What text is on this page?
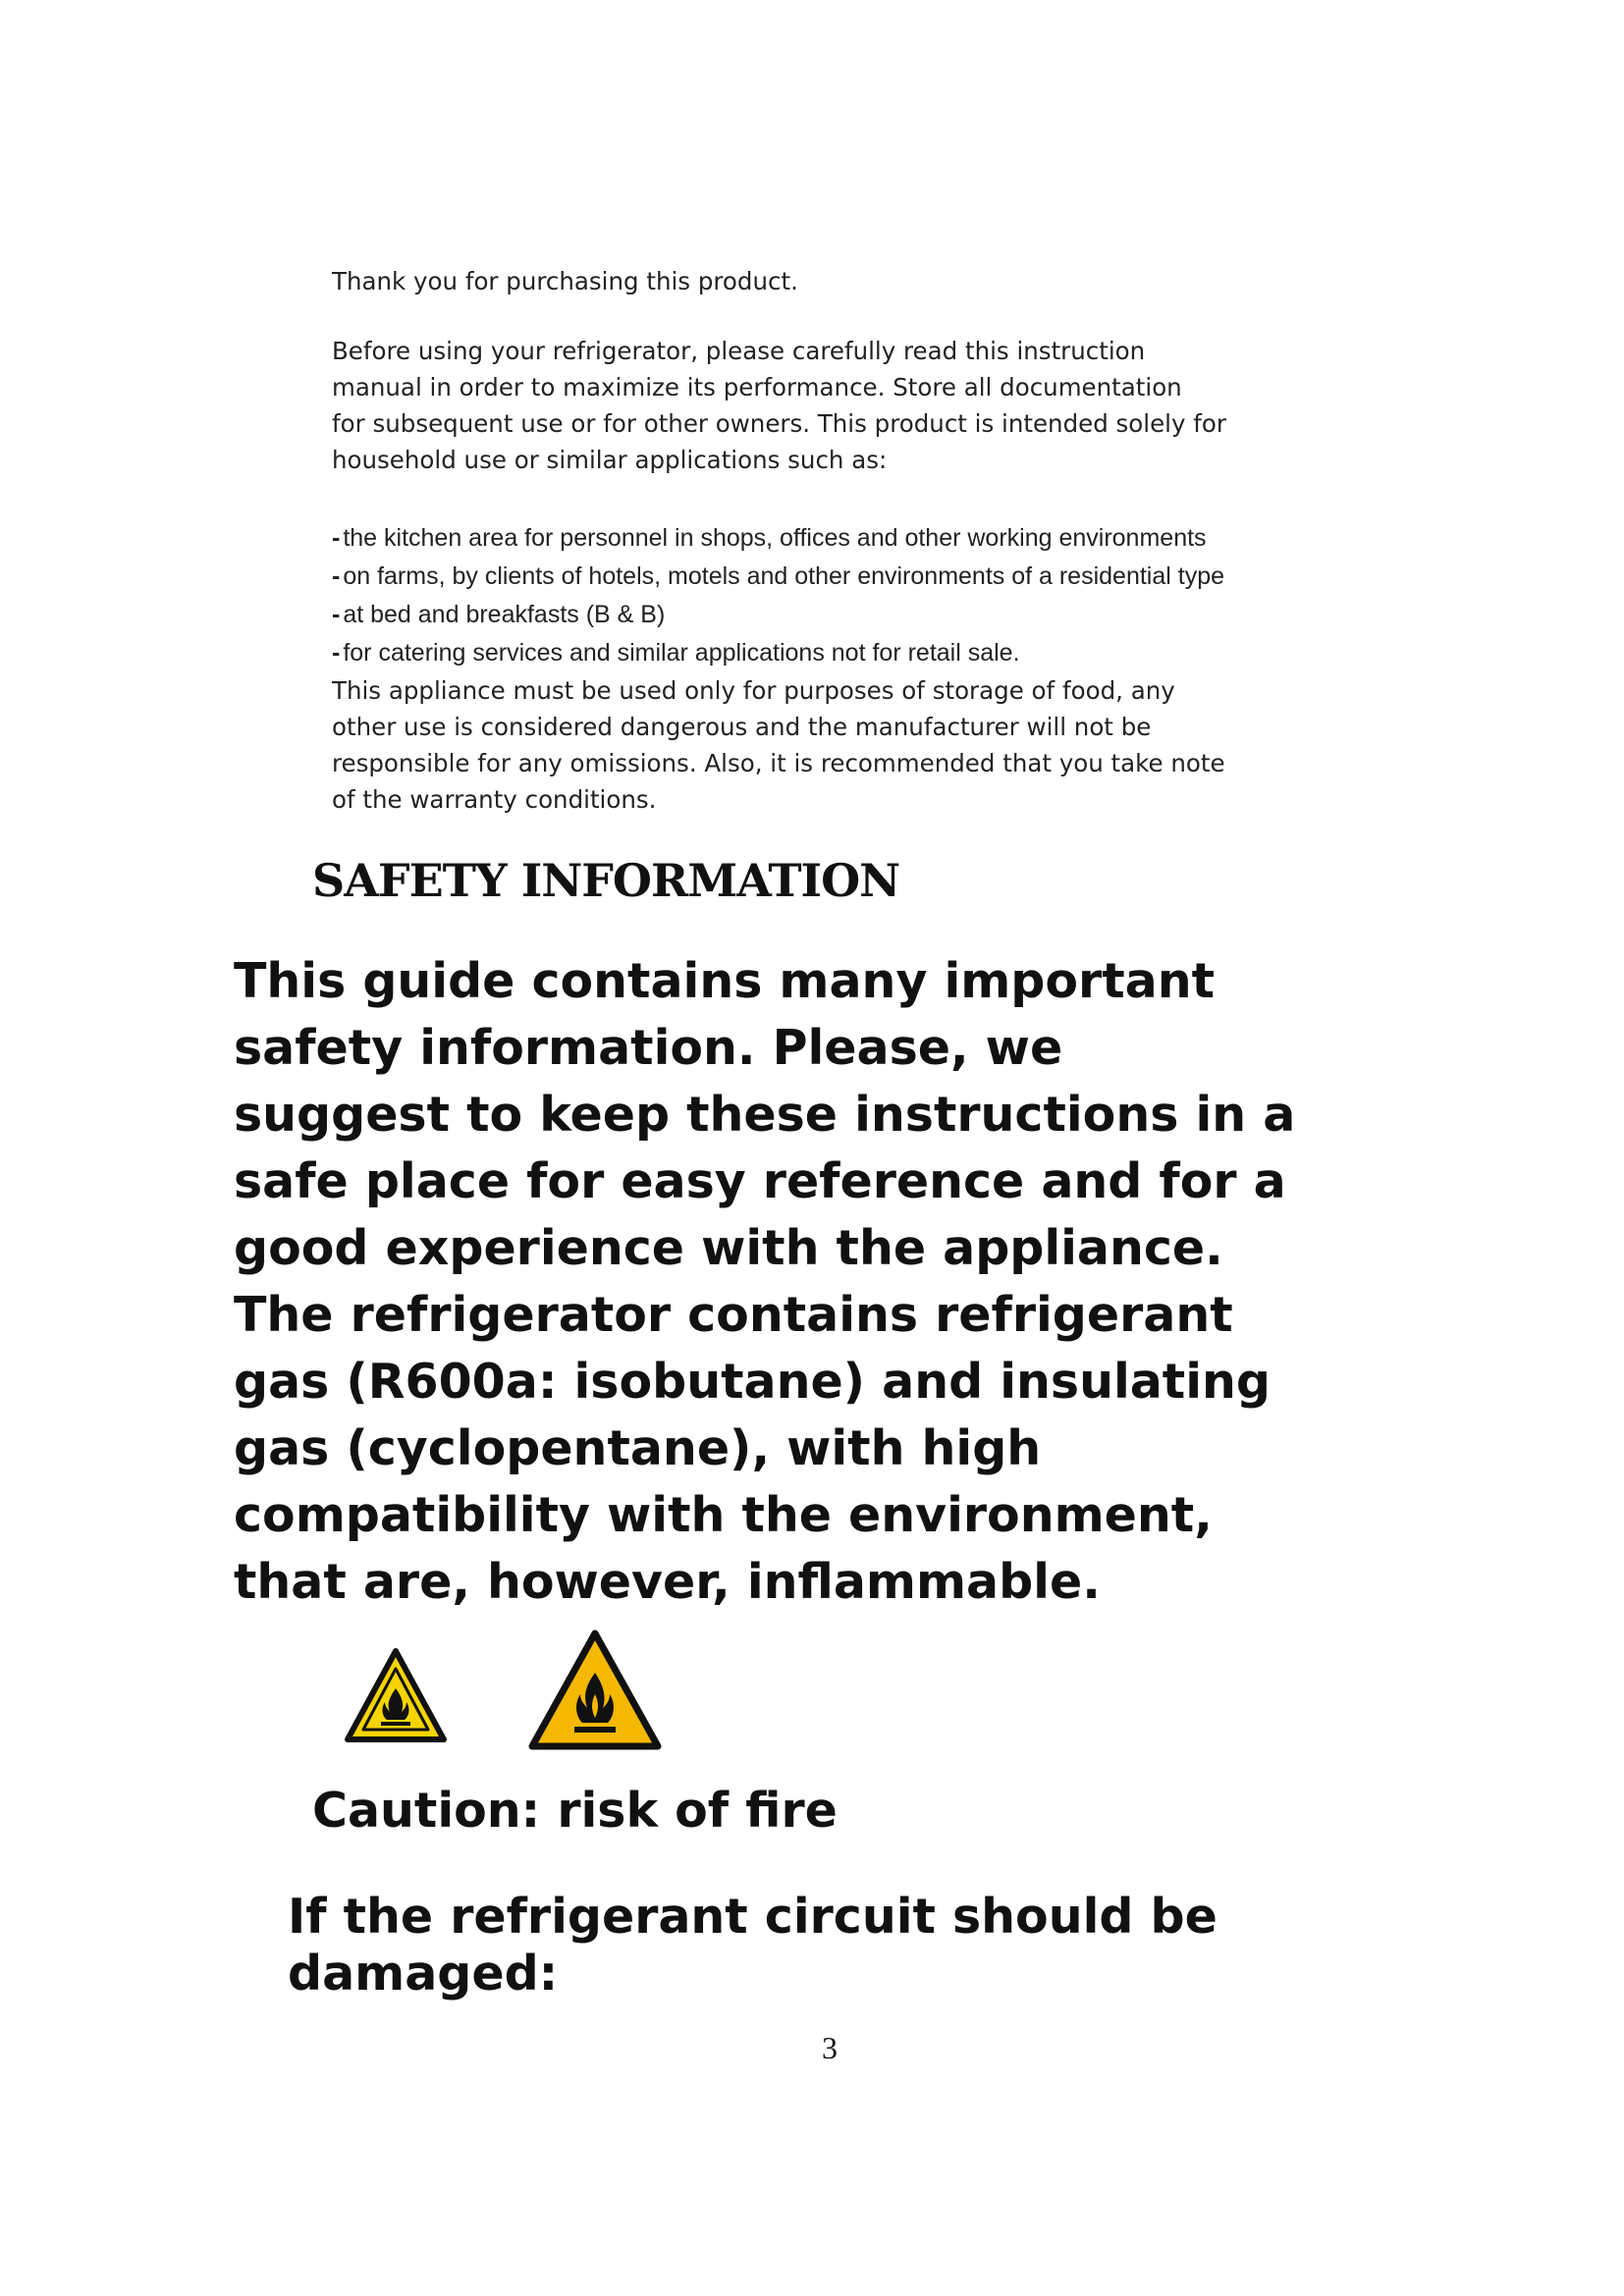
Thank you for purchasing this product.

Before using your refrigerator, please carefully read this instruction
manual in order to maximize its performance. Store all documentation
for subsequent use or for other owners. This product is intended solely for
household use or similar applications such as:

- the kitchen area for personnel in shops, offices and other working environments
- on farms, by clients of hotels, motels and other environments of a residential type
- at bed and breakfasts (B & B)
- for catering services and similar applications not for retail sale.

This appliance must be used only for purposes of storage of food, any
other use is considered dangerous and the manufacturer will not be
responsible for any omissions. Also, it is recommended that you take note
of the warranty conditions.

SAFETY INFORMATION

This guide contains many important
safety information. Please, we
suggest to keep these instructions in a
safe place for easy reference and for a
good experience with the appliance.
The refrigerator contains refrigerant
gas (R600a: isobutane) and insulating
gas (cyclopentane), with high
compatibility with the environment,
that are, however, inflammable.

Caution: risk of fire

If the refrigerant circuit should be
damaged:

3
